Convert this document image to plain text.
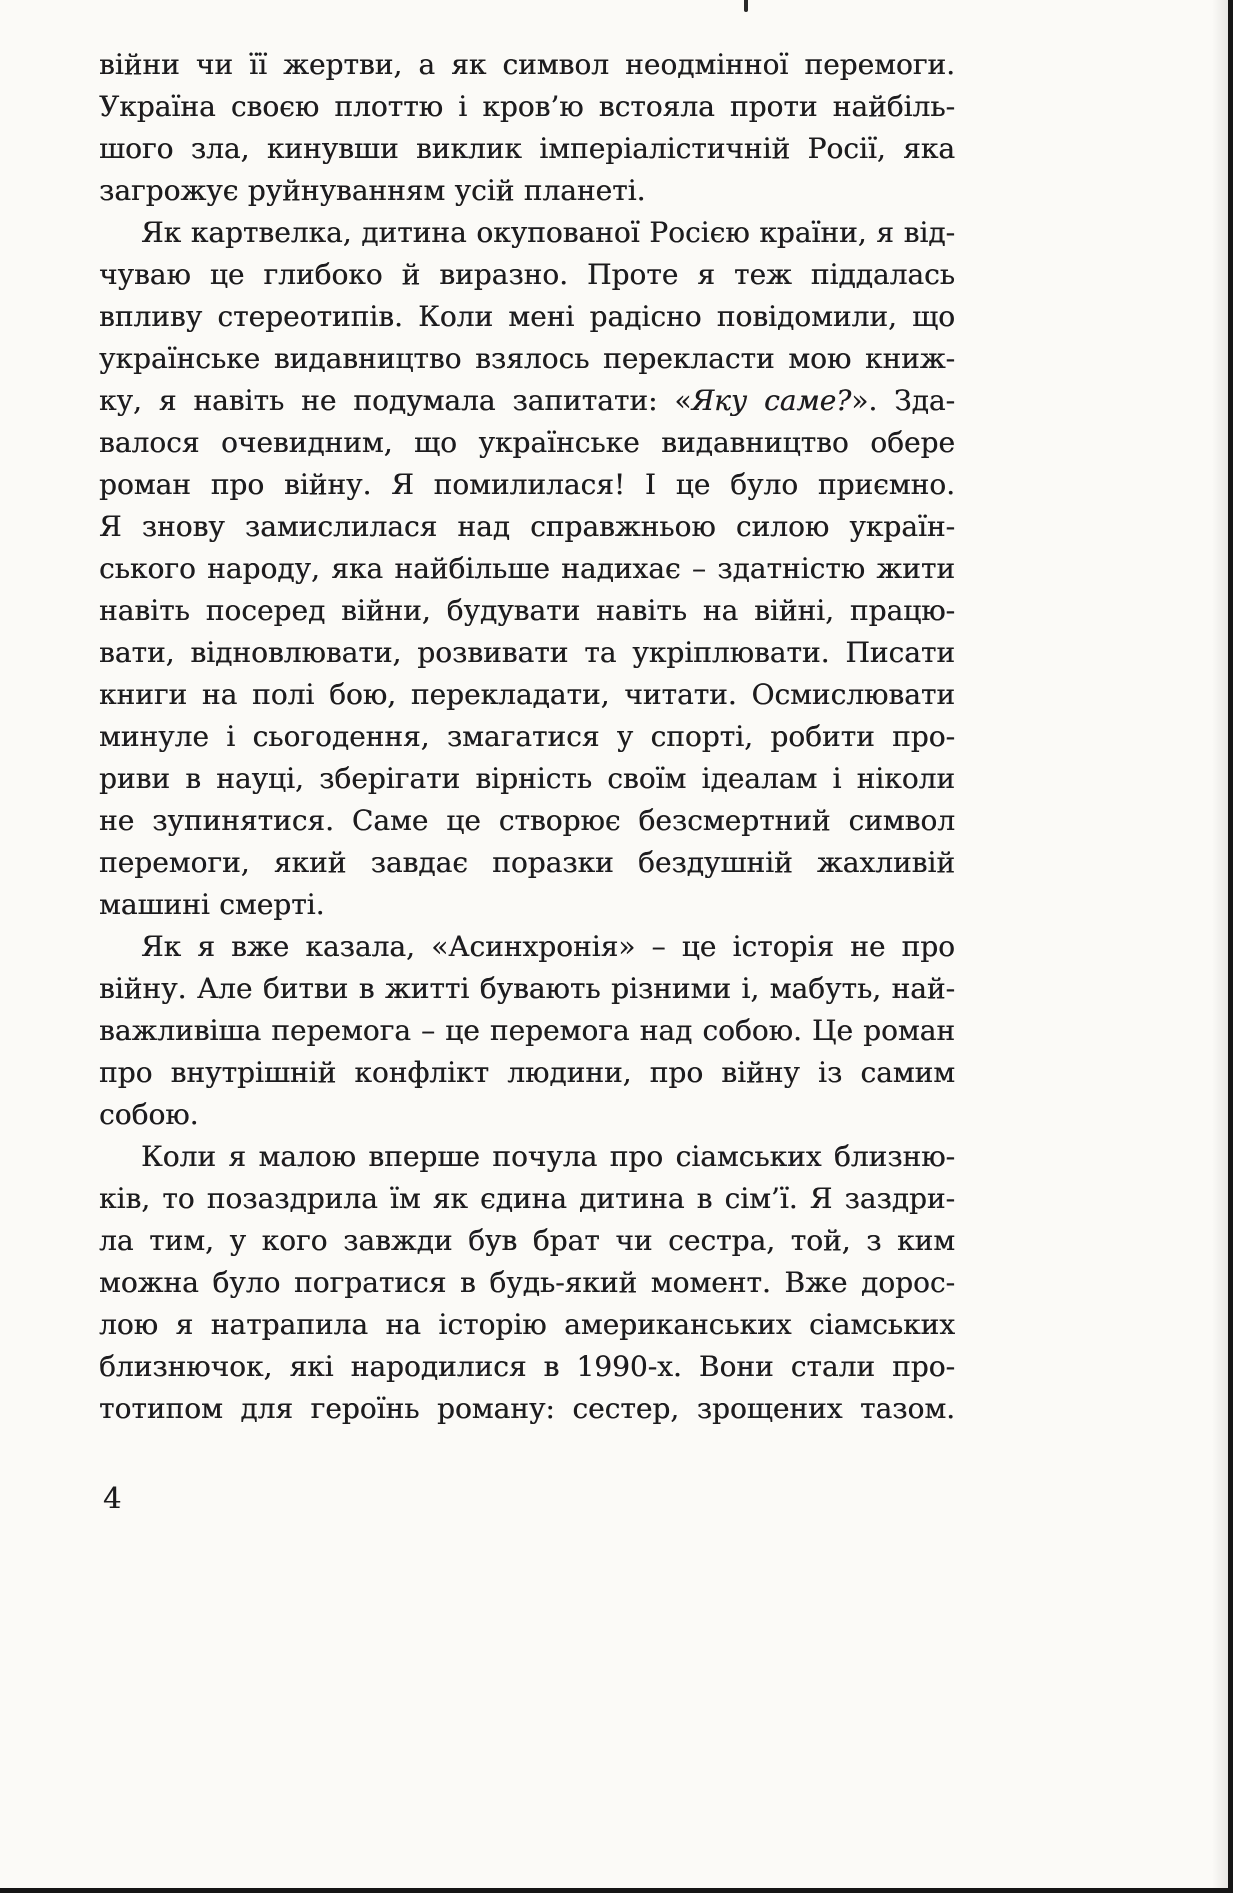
війни чи її жертви, а як символ неодмінної перемоги.
Україна своєю плоттю і кров’ю встояла проти найбіль-
шого зла, кинувши виклик імперіалістичній Росії, яка
загрожує руйнуванням усій планеті.
Як картвелка, дитина окупованої Росією країни, я від-
чуваю це глибоко й виразно. Проте я теж піддалась
впливу стереотипів. Коли мені радісно повідомили, що
українське видавництво взялось перекласти мою книж-
ку, я навіть не подумала запитати: «Яку саме?». Зда-
валося очевидним, що українське видавництво обере
роман про війну. Я помилилася! І це було приємно.
Я знову замислилася над справжньою силою україн-
ського народу, яка найбільше надихає – здатністю жити
навіть посеред війни, будувати навіть на війні, працю-
вати, відновлювати, розвивати та укріплювати. Писати
книги на полі бою, перекладати, читати. Осмислювати
минуле і сьогодення, змагатися у спорті, робити про-
риви в науці, зберігати вірність своїм ідеалам і ніколи
не зупинятися. Саме це створює безсмертний символ
перемоги, який завдає поразки бездушній жахливій
машині смерті.
Як я вже казала, «Асинхронія» – це історія не про
війну. Але битви в житті бувають різними і, мабуть, най-
важливіша перемога – це перемога над собою. Це роман
про внутрішній конфлікт людини, про війну із самим
собою.
Коли я малою вперше почула про сіамських близню-
ків, то позаздрила їм як єдина дитина в сім’ї. Я заздри-
ла тим, у кого завжди був брат чи сестра, той, з ким
можна було погратися в будь-який момент. Вже дорос-
лою я натрапила на історію американських сіамських
близнючок, які народилися в 1990-х. Вони стали про-
тотипом для героїнь роману: сестер, зрощених тазом.
4
